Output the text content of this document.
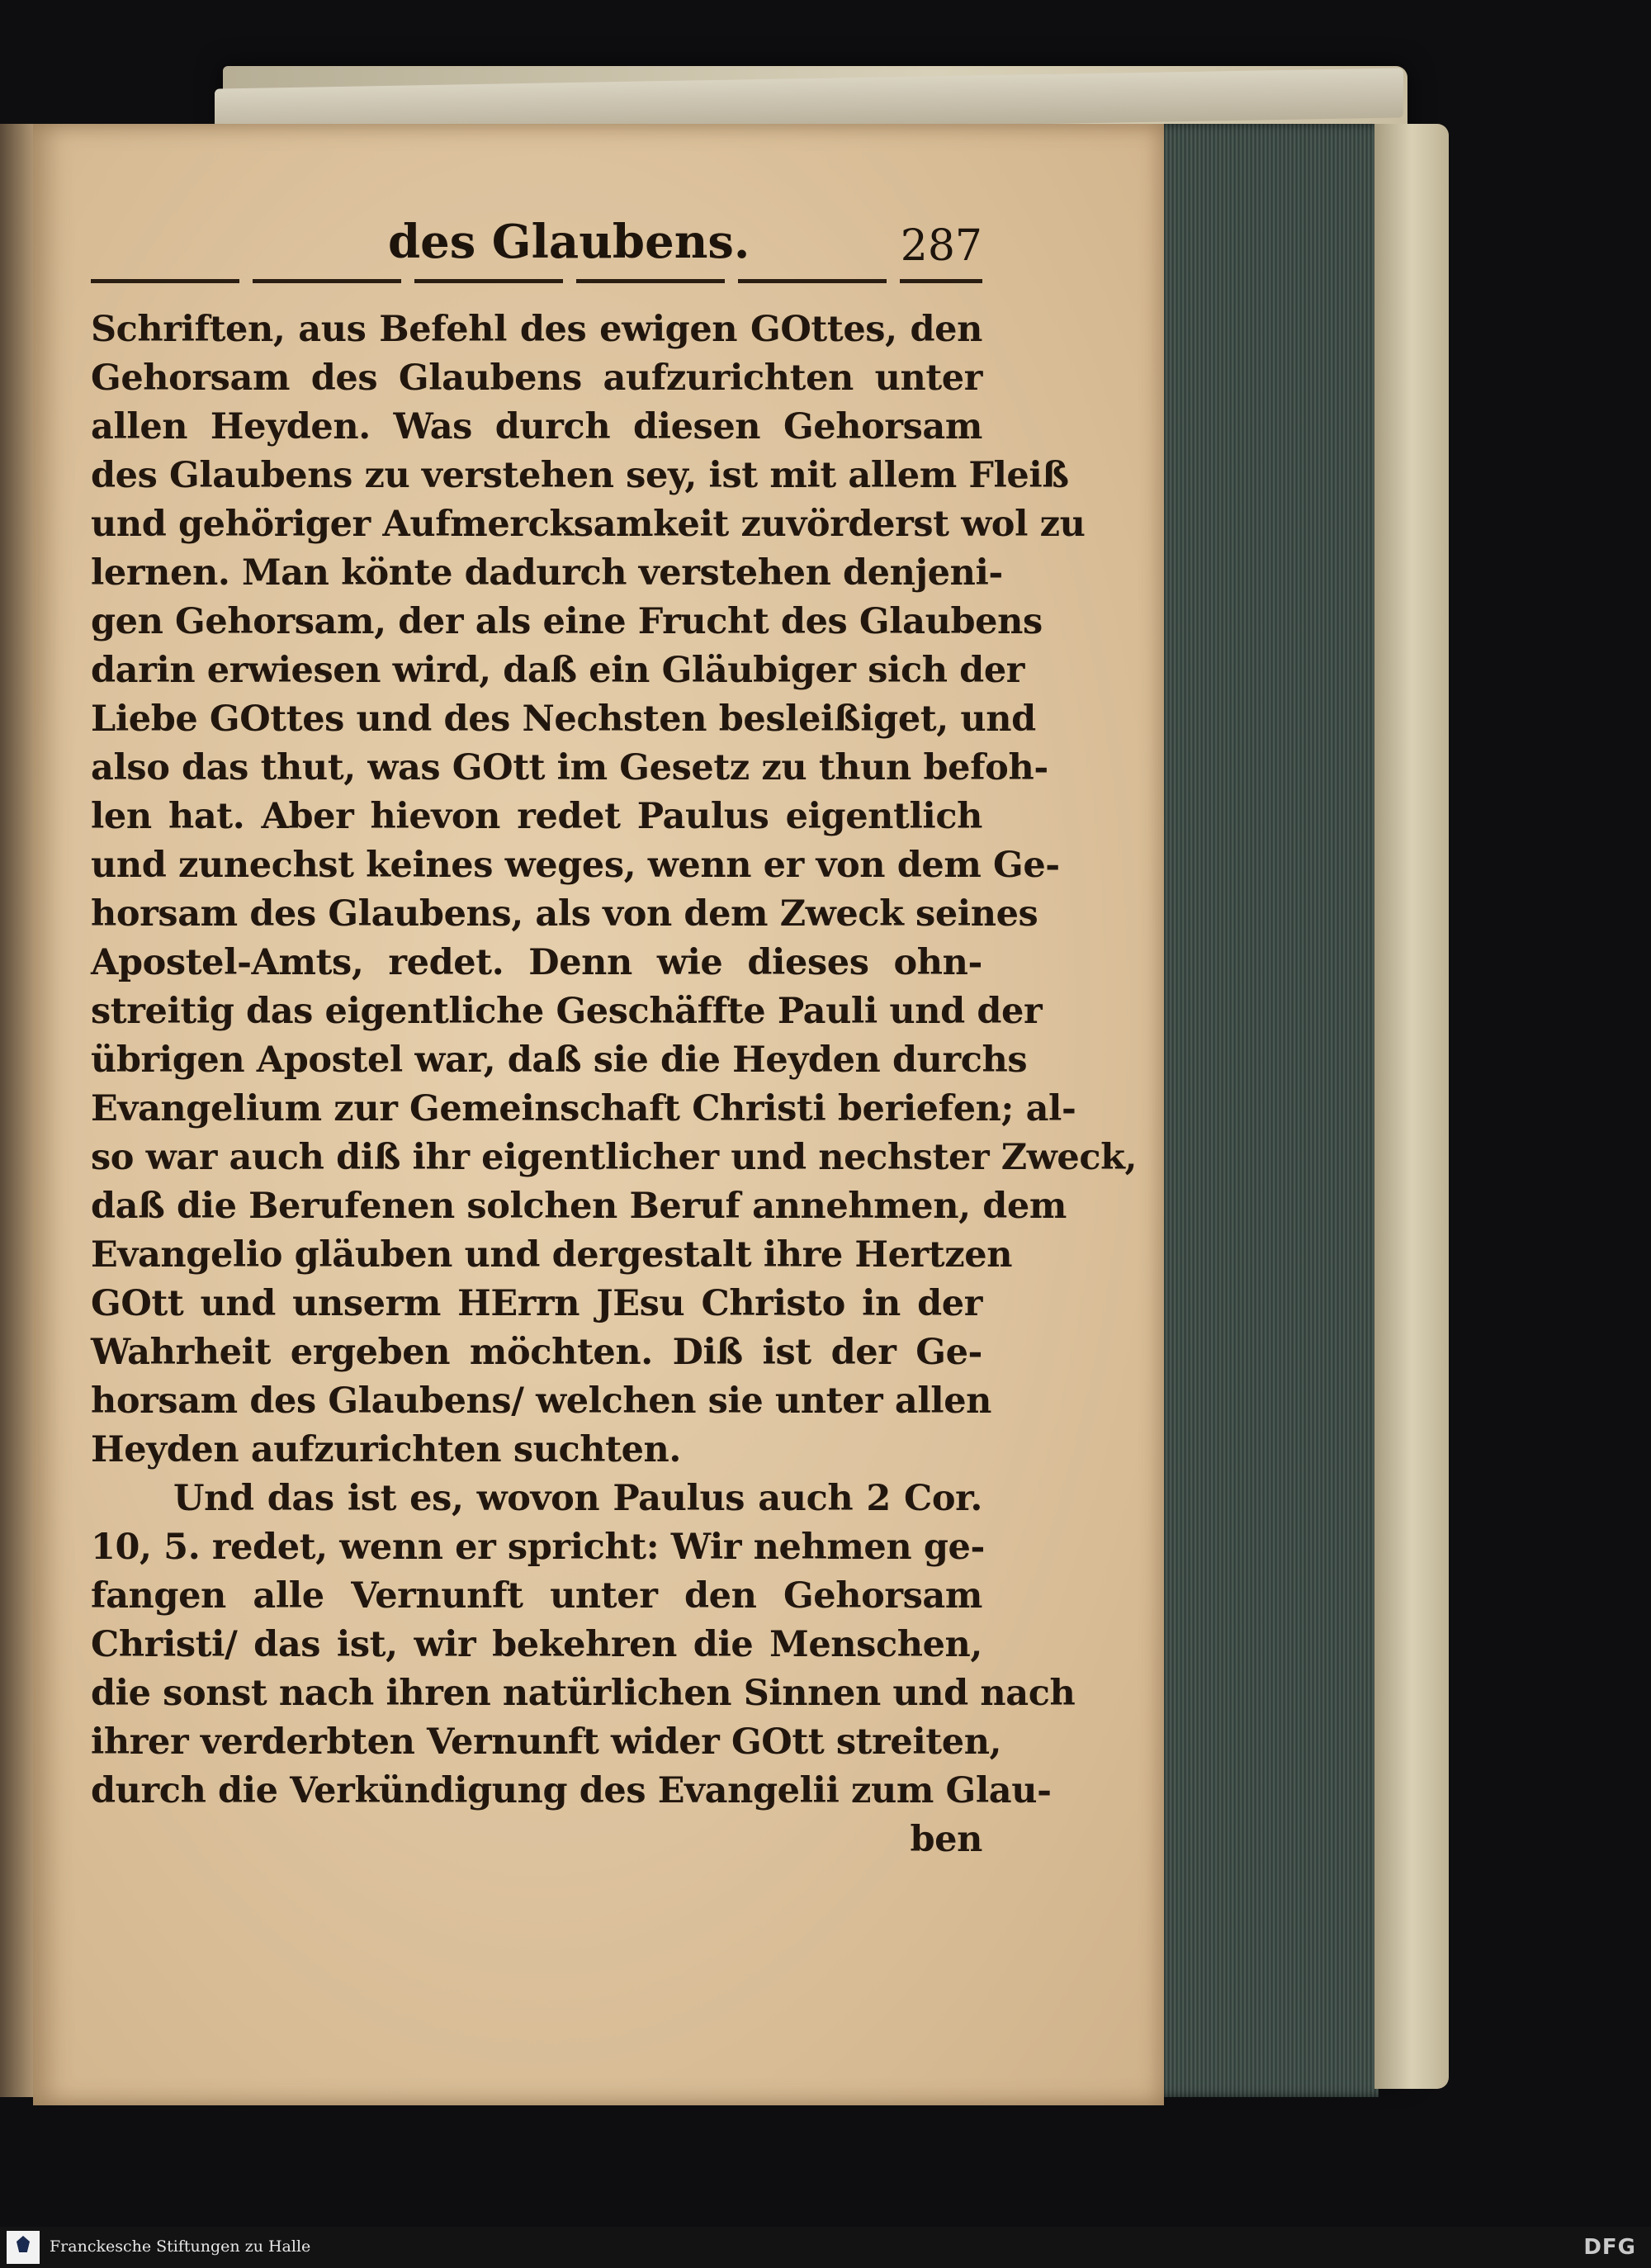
des Glaubens.	287
Schriften, aus Befehl des ewigen GOttes, den
Gehorsam des Glaubens aufzurichten unter
allen Heyden. Was durch diesen Gehorsam
des Glaubens zu verstehen sey, ist mit allem Fleiß
und gehöriger Aufmercksamkeit zuvörderst wol zu
lernen. Man könte dadurch verstehen denjeni-
gen Gehorsam, der als eine Frucht des Glaubens
darin erwiesen wird, daß ein Gläubiger sich der
Liebe GOttes und des Nechsten besleißiget, und
also das thut, was GOtt im Gesetz zu thun befoh-
len hat. Aber hievon redet Paulus eigentlich
und zunechst keines weges, wenn er von dem Ge-
horsam des Glaubens, als von dem Zweck seines
Apostel-Amts, redet. Denn wie dieses ohn-
streitig das eigentliche Geschäffte Pauli und der
übrigen Apostel war, daß sie die Heyden durchs
Evangelium zur Gemeinschaft Christi beriefen; al-
so war auch diß ihr eigentlicher und nechster Zweck,
daß die Berufenen solchen Beruf annehmen, dem
Evangelio gläuben und dergestalt ihre Hertzen
GOtt und unserm HErrn JEsu Christo in der
Wahrheit ergeben möchten. Diß ist der Ge-
horsam des Glaubens/ welchen sie unter allen
Heyden aufzurichten suchten.
Und das ist es, wovon Paulus auch 2 Cor.
10, 5. redet, wenn er spricht: Wir nehmen ge-
fangen alle Vernunft unter den Gehorsam
Christi/ das ist, wir bekehren die Menschen,
die sonst nach ihren natürlichen Sinnen und nach
ihrer verderbten Vernunft wider GOtt streiten,
durch die Verkündigung des Evangelii zum Glau-
ben
Franckesche Stiftungen zu Halle	DFG
